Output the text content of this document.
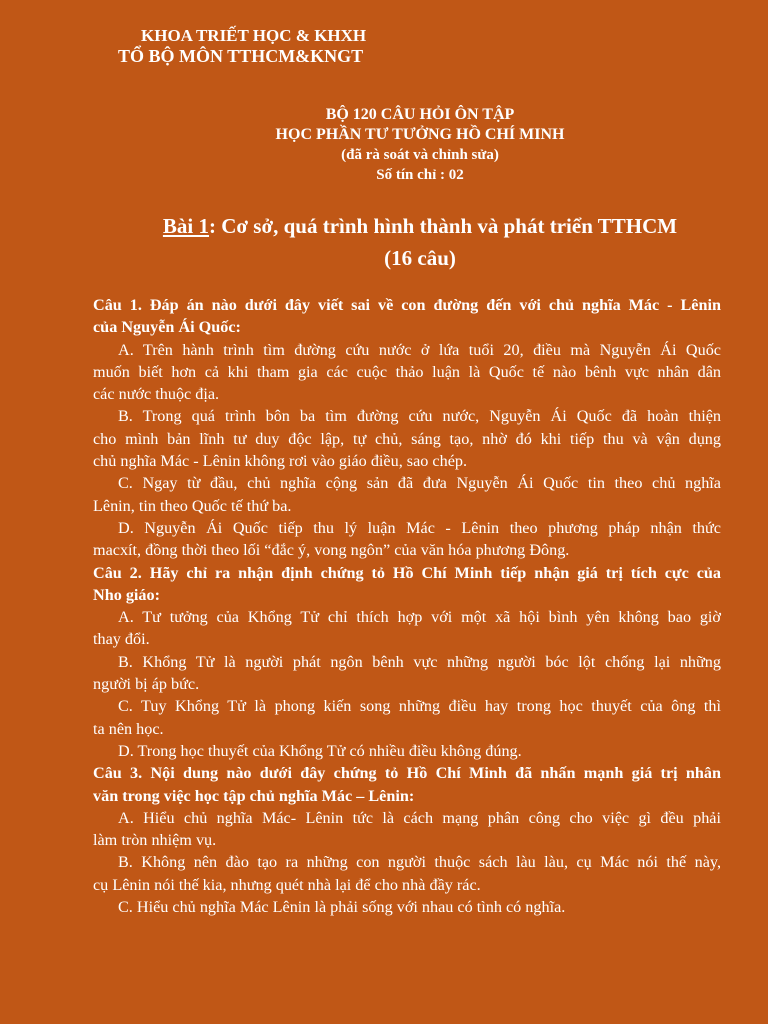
KHOA TRIẾT HỌC & KHXH
TỔ BỘ MÔN TTHCM&KNGT
BỘ 120 CÂU HỎI ÔN TẬP
HỌC PHẦN TƯ TƯỞNG HỒ CHÍ MINH
(đã rà soát và chỉnh sửa)
Số tín chỉ : 02
Bài 1: Cơ sở, quá trình hình thành và phát triển TTHCM
(16 câu)
Câu 1. Đáp án nào dưới đây viết sai về con đường đến với chủ nghĩa Mác - Lênin
của Nguyễn Ái Quốc:
A. Trên hành trình tìm đường cứu nước ở lứa tuổi 20, điều mà Nguyễn Ái Quốc
muốn biết hơn cả khi tham gia các cuộc thảo luận là Quốc tế nào bênh vực nhân dân
các nước thuộc địa.
B. Trong quá trình bôn ba tìm đường cứu nước, Nguyễn Ái Quốc đã hoàn thiện
cho mình bản lĩnh tư duy độc lập, tự chủ, sáng tạo, nhờ đó khi tiếp thu và vận dụng
chủ nghĩa Mác - Lênin không rơi vào giáo điều, sao chép.
C. Ngay từ đầu, chủ nghĩa cộng sản đã đưa Nguyễn Ái Quốc tin theo chủ nghĩa
Lênin, tin theo Quốc tế thứ ba.
D. Nguyễn Ái Quốc tiếp thu lý luận Mác - Lênin theo phương pháp nhận thức
macxít, đồng thời theo lối “đắc ý, vong ngôn” của văn hóa phương Đông.
Câu 2. Hãy chỉ ra nhận định chứng tỏ Hồ Chí Minh tiếp nhận giá trị tích cực của
Nho giáo:
A. Tư tưởng của Khổng Tử chỉ thích hợp với một xã hội bình yên không bao giờ
thay đổi.
B. Khổng Tử là người phát ngôn bênh vực những người bóc lột chống lại những
người bị áp bức.
C. Tuy Khổng Tử là phong kiến song những điều hay trong học thuyết của ông thì
ta nên học.
D. Trong học thuyết của Khổng Tử có nhiều điều không đúng.
Câu 3. Nội dung nào dưới đây chứng tỏ Hồ Chí Minh đã nhấn mạnh giá trị nhân
văn trong việc học tập chủ nghĩa Mác – Lênin:
A. Hiểu chủ nghĩa Mác- Lênin tức là cách mạng phân công cho việc gì đều phải
làm tròn nhiệm vụ.
B. Không nên đào tạo ra những con người thuộc sách làu làu, cụ Mác nói thế này,
cụ Lênin nói thế kia, nhưng quét nhà lại để cho nhà đầy rác.
C. Hiểu chủ nghĩa Mác Lênin là phải sống với nhau có tình có nghĩa.
